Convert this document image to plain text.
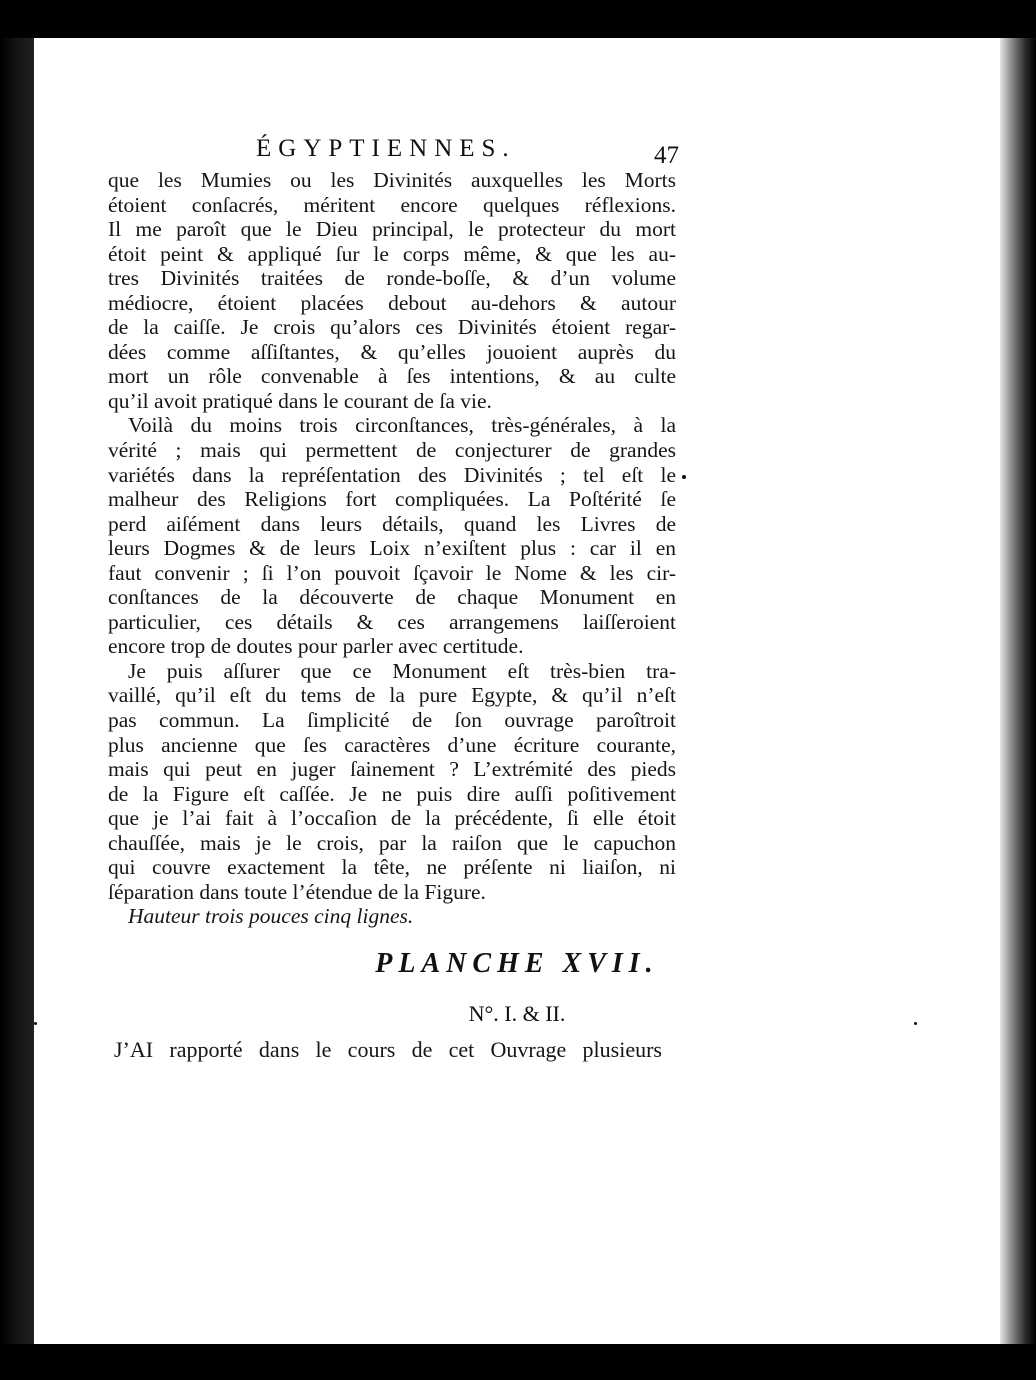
ÉGYPTIENNES.	47
que les Mumies ou les Divinités auxquelles les Morts
étoient conſacrés, méritent encore quelques réflexions.
Il me paroît que le Dieu principal, le protecteur du mort
étoit peint & appliqué ſur le corps même, & que les au-
tres Divinités traitées de ronde-boſſe, & d’un volume
médiocre, étoient placées debout au-dehors & autour
de la caiſſe. Je crois qu’alors ces Divinités étoient regar-
dées comme aſſiſtantes, & qu’elles jouoient auprès du
mort un rôle convenable à ſes intentions, & au culte
qu’il avoit pratiqué dans le courant de ſa vie.
Voilà du moins trois circonſtances, très-générales, à la
vérité ; mais qui permettent de conjecturer de grandes
variétés dans la repréſentation des Divinités ; tel eſt le
malheur des Religions fort compliquées. La Poſtérité ſe
perd aiſément dans leurs détails, quand les Livres de
leurs Dogmes & de leurs Loix n’exiſtent plus : car il en
faut convenir ; ſi l’on pouvoit ſçavoir le Nome & les cir-
conſtances de la découverte de chaque Monument en
particulier, ces détails & ces arrangemens laiſſeroient
encore trop de doutes pour parler avec certitude.
Je puis aſſurer que ce Monument eſt très-bien tra-
vaillé, qu’il eſt du tems de la pure Egypte, & qu’il n’eſt
pas commun. La ſimplicité de ſon ouvrage paroîtroit
plus ancienne que ſes caractères d’une écriture courante,
mais qui peut en juger ſainement ? L’extrémité des pieds
de la Figure eſt caſſée. Je ne puis dire auſſi poſitivement
que je l’ai fait à l’occaſion de la précédente, ſi elle étoit
chauſſée, mais je le crois, par la raiſon que le capuchon
qui couvre exactement la tête, ne préſente ni liaiſon, ni
ſéparation dans toute l’étendue de la Figure.
Hauteur trois pouces cinq lignes.
PLANCHE XVII.
N°. I. & II.
J’AI rapporté dans le cours de cet Ouvrage plusieurs
